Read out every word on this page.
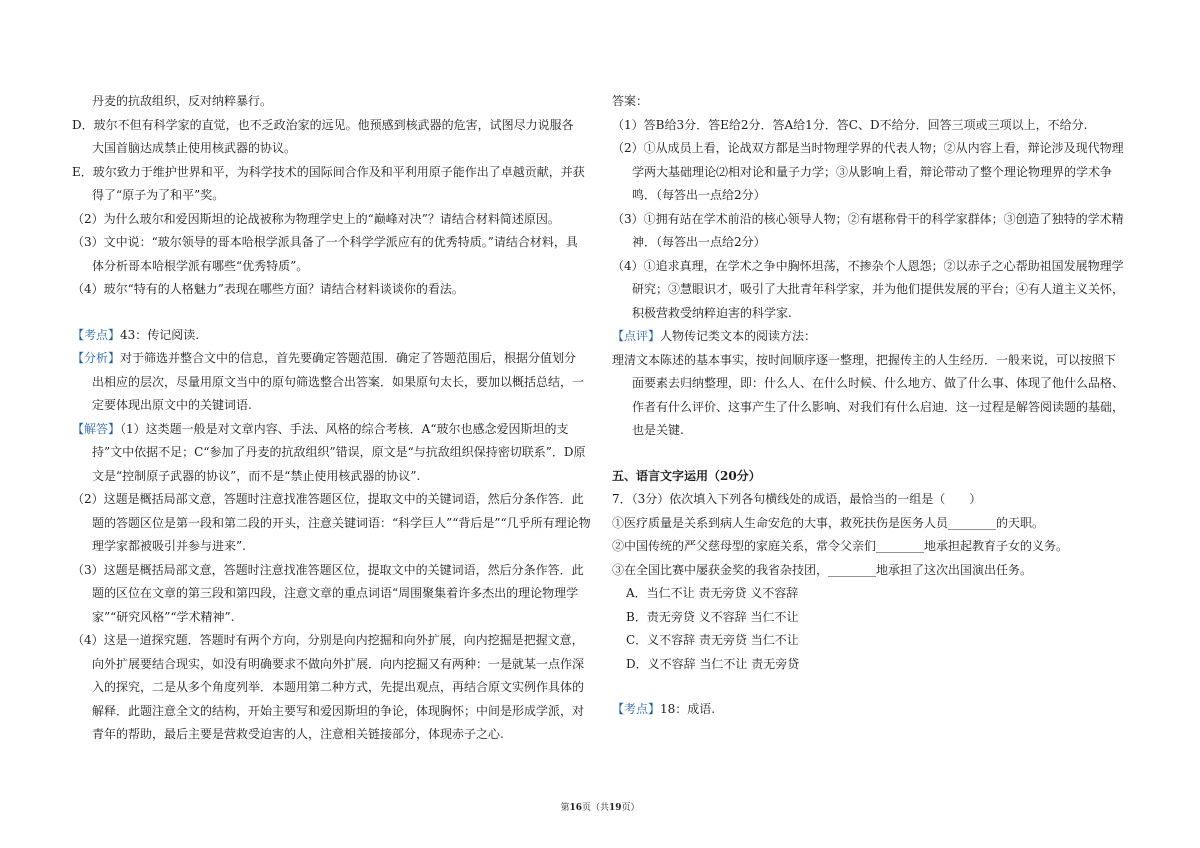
丹麦的抗敌组织，反对纳粹暴行。

D．玻尔不但有科学家的直觉，也不乏政治家的远见。他预感到核武器的危害，试图尽力说服各

大国首脑达成禁止使用核武器的协议。

E．玻尔致力于维护世界和平，为科学技术的国际间合作及和平利用原子能作出了卓越贡献，并获

得了“原子为了和平”奖。

（2）为什么玻尔和爱因斯坦的论战被称为物理学史上的“巅峰对决”？请结合材料简述原因。

（3）文中说：“玻尔领导的哥本哈根学派具备了一个科学学派应有的优秀特质。”请结合材料，具

体分析哥本哈根学派有哪些“优秀特质”。

（4）玻尔“特有的人格魅力”表现在哪些方面？请结合材料谈谈你的看法。

【考点】43：传记阅读.

【分析】对于筛选并整合文中的信息，首先要确定答题范围．确定了答题范围后，根据分值划分

出相应的层次，尽量用原文当中的原句筛选整合出答案．如果原句太长，要加以概括总结，一

定要体现出原文中的关键词语.

【解答】（1）这类题一般是对文章内容、手法、风格的综合考核．A“玻尔也感念爱因斯坦的支

持”文中依据不足；C“参加了丹麦的抗敌组织”错误，原文是“与抗敌组织保持密切联系”．D原

文是“控制原子武器的协议”，而不是“禁止使用核武器的协议”.

（2）这题是概括局部文意，答题时注意找准答题区位，提取文中的关键词语，然后分条作答．此

题的答题区位是第一段和第二段的开头，注意关键词语：“科学巨人”“背后是”“几乎所有理论物

理学家都被吸引并参与进来”.

（3）这题是概括局部文意，答题时注意找准答题区位，提取文中的关键词语，然后分条作答．此

题的区位在文章的第三段和第四段，注意文章的重点词语“周围聚集着许多杰出的理论物理学

家”“研究风格”“学术精神”.

（4）这是一道探究题．答题时有两个方向，分别是向内挖掘和向外扩展，向内挖掘是把握文意，

向外扩展要结合现实，如没有明确要求不做向外扩展．向内挖掘又有两种：一是就某一点作深

入的探究，二是从多个角度列举．本题用第二种方式，先提出观点，再结合原文实例作具体的

解释．此题注意全文的结构，开始主要写和爱因斯坦的争论，体现胸怀；中间是形成学派，对

青年的帮助，最后主要是营救受迫害的人，注意相关链接部分，体现赤子之心.

答案：

（1）答B给3分．答E给2分．答A给1分．答C、D不给分．回答三项或三项以上，不给分.

（2）①从成员上看，论战双方都是当时物理学界的代表人物；②从内容上看，辩论涉及现代物理

学两大基础理论⑵相对论和量子力学；③从影响上看，辩论带动了整个理论物理界的学术争

鸣．（每答出一点给2分）

（3）①拥有站在学术前沿的核心领导人物；②有堪称骨干的科学家群体；③创造了独特的学术精

神．（每答出一点给2分）

（4）①追求真理，在学术之争中胸怀坦荡，不掺杂个人恩怨；②以赤子之心帮助祖国发展物理学

研究；③慧眼识才，吸引了大批青年科学家，并为他们提供发展的平台；④有人道主义关怀，

积极营救受纳粹迫害的科学家.

【点评】人物传记类文本的阅读方法：

理清文本陈述的基本事实，按时间顺序逐一整理，把握传主的人生经历．一般来说，可以按照下

面要素去归纳整理，即：什么人、在什么时候、什么地方、做了什么事、体现了他什么品格、

作者有什么评价、这事产生了什么影响、对我们有什么启迪．这一过程是解答阅读题的基础，

也是关键.

五、语言文字运用（20分）

7．（3分）依次填入下列各句横线处的成语，最恰当的一组是（　　）

①医疗质量是关系到病人生命安危的大事，救死扶伤是医务人员________的天职。

②中国传统的严父慈母型的家庭关系，常令父亲们________地承担起教育子女的义务。

③在全国比赛中屡获金奖的我省杂技团，________地承担了这次出国演出任务。

A．当仁不让 责无旁贷 义不容辞

B．责无旁贷 义不容辞 当仁不让

C．义不容辞 责无旁贷 当仁不让

D．义不容辞 当仁不让 责无旁贷

【考点】18：成语.

第16页（共19页）
